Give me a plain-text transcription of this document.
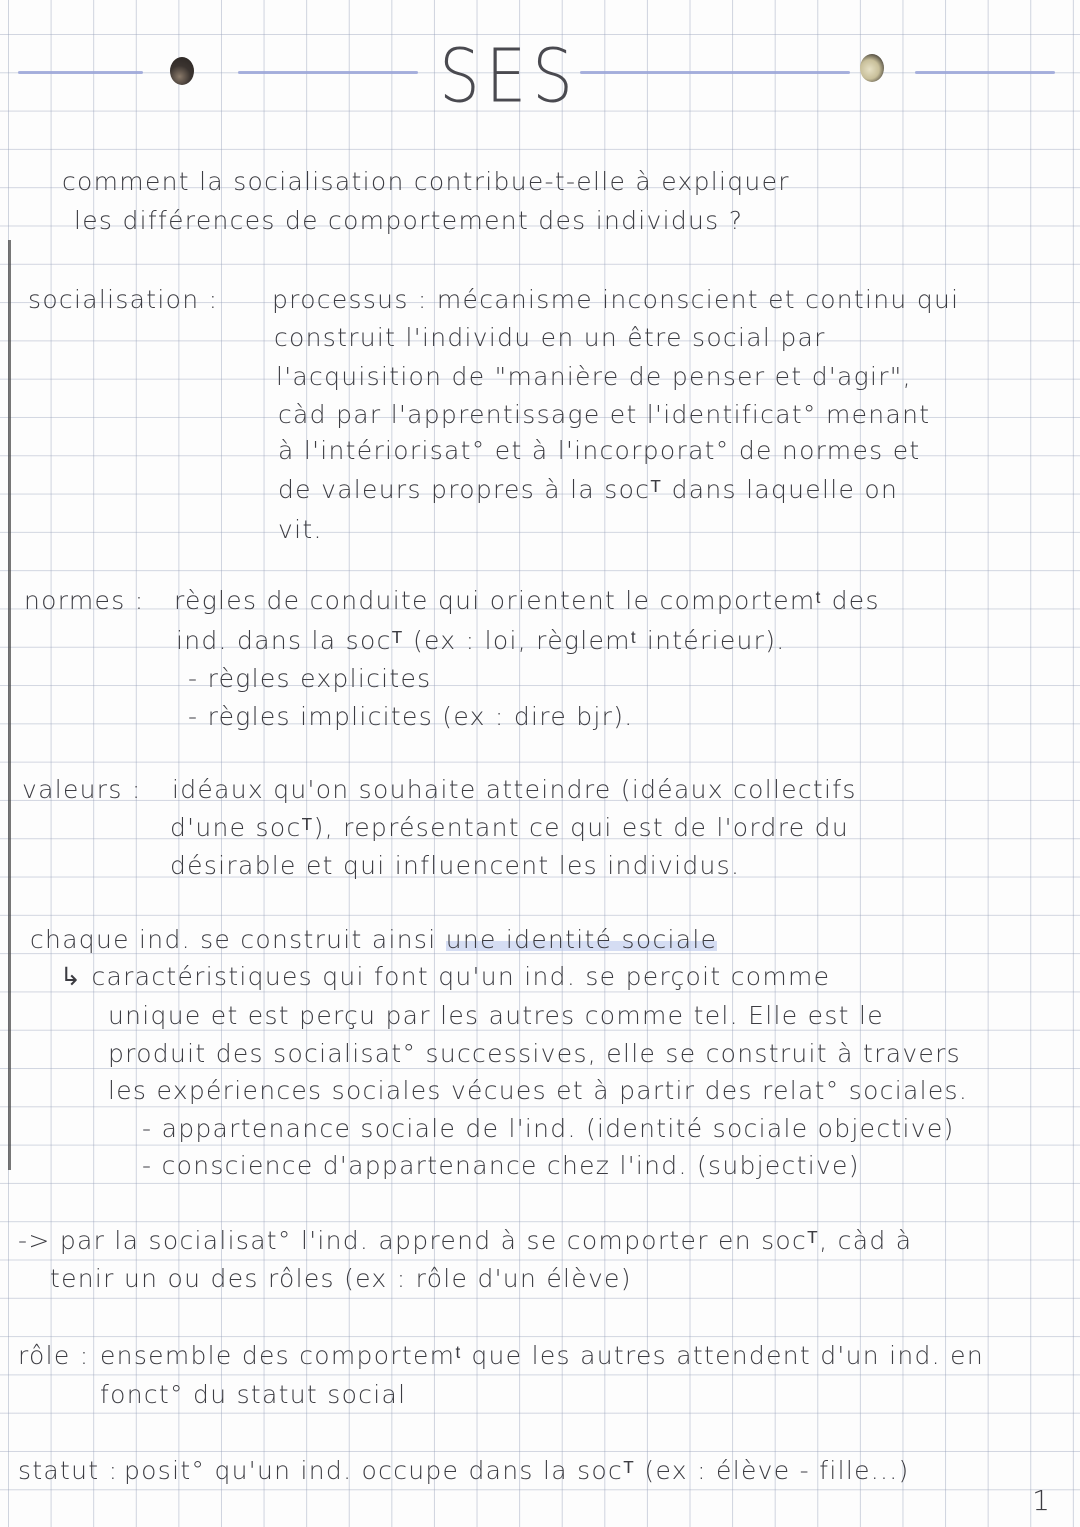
SES
comment la socialisation contribue-t-elle à expliquer
les différences de comportement des individus ?
socialisation : processus : mécanisme inconscient et continu qui
construit l'individu en un être social par
l'acquisition de "manière de penser et d'agir",
càd par l'apprentissage et l'identificat° menant
à l'intériorisat° et à l'incorporat° de normes et
de valeurs propres à la socᵀ dans laquelle on
vit.
normes : règles de conduite qui orientent le comportemᵗ des
ind. dans la socᵀ (ex : loi, règlemᵗ intérieur).
- règles explicites
- règles implicites (ex : dire bjr).
valeurs : idéaux qu'on souhaite atteindre (idéaux collectifs
d'une socᵀ), représentant ce qui est de l'ordre du
désirable et qui influencent les individus.
chaque ind. se construit ainsi une identité sociale
↳ caractéristiques qui font qu'un ind. se perçoit comme
unique et est perçu par les autres comme tel. Elle est le
produit des socialisat° successives, elle se construit à travers
les expériences sociales vécues et à partir des relat° sociales.
- appartenance sociale de l'ind. (identité sociale objective)
- conscience d'appartenance chez l'ind. (subjective)
-> par la socialisat° l'ind. apprend à se comporter en socᵀ, càd à
tenir un ou des rôles (ex : rôle d'un élève)
rôle : ensemble des comportemᵗ que les autres attendent d'un ind. en
fonct° du statut social
statut : posit° qu'un ind. occupe dans la socᵀ (ex : élève - fille...)
1
